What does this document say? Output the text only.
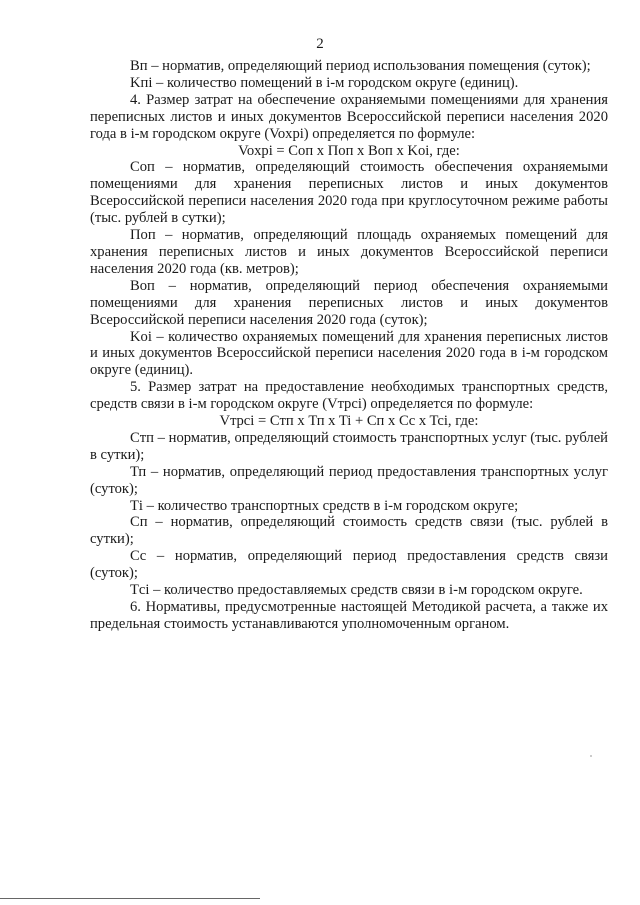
2

Вп – норматив, определяющий период использования помещения (суток);

Kпi – количество помещений в i-м городском округе (единиц).

4. Размер затрат на обеспечение охраняемыми помещениями для хранения переписных листов и иных документов Всероссийской переписи населения 2020 года в i-м городском округе (Voxpi) определяется по формуле:

Voxpi = Coп x Поп x Bоп x Koi, где:

Coп – норматив, определяющий стоимость обеспечения охраняемыми помещениями для хранения переписных листов и иных документов Всероссийской переписи населения 2020 года при круглосуточном режиме работы (тыс. рублей в сутки);

Поп – норматив, определяющий площадь охраняемых помещений для хранения переписных листов и иных документов Всероссийской переписи населения 2020 года (кв. метров);

Bоп – норматив, определяющий период обеспечения охраняемыми помещениями для хранения переписных листов и иных документов Всероссийской переписи населения 2020 года (суток);

Koi – количество охраняемых помещений для хранения переписных листов и иных документов Всероссийской переписи населения 2020 года в i-м городском округе (единиц).

5. Размер затрат на предоставление необходимых транспортных средств, средств связи в i-м городском округе (Vтpci) определяется по формуле:

Vтpci = Cтп x Тп x Ti + Cп x Cc x Tci, где:

Cтп – норматив, определяющий стоимость транспортных услуг (тыс. рублей в сутки);

Тп – норматив, определяющий период предоставления транспортных услуг (суток);

Тi – количество транспортных средств в i-м городском округе;

Cп – норматив, определяющий стоимость средств связи (тыс. рублей в сутки);

Cc – норматив, определяющий период предоставления средств связи (суток);

Тci – количество предоставляемых средств связи в i-м городском округе.

6. Нормативы, предусмотренные настоящей Методикой расчета, а также их предельная стоимость устанавливаются уполномоченным органом.
